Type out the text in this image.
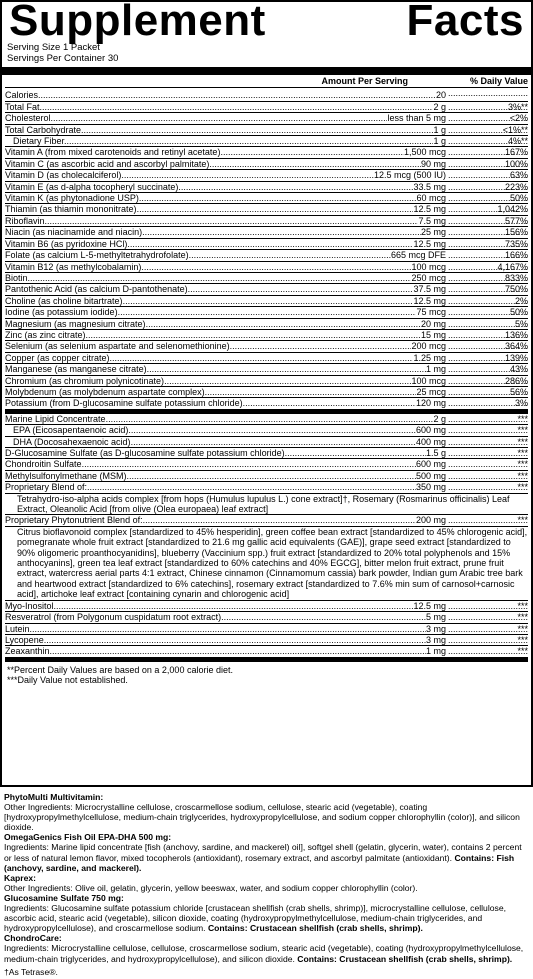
Supplement	Facts
Serving Size 1 Packet
Servings Per Container 30
Amount Per Serving	% Daily Value
Calories .....	20
.....
Total Fat .....	2 g	..... 3%**
Cholesterol .....	less than 5 mg	..... <2%
Total Carbohydrate .....	1 g	..... <1%**
Dietary Fiber .....	1 g	..... 4%**
Vitamin A (from mixed carotenoids and retinyl acetate) .....	1,500 mcg	..... 167%
Vitamin C (as ascorbic acid and ascorbyl palmitate) .....	90 mg	..... 100%
Vitamin D (as cholecalciferol) .....	12.5 mcg (500 IU)	..... 63%
Vitamin E (as d-alpha tocopheryl succinate) .....	33.5 mg	..... 223%
Vitamin K (as phytonadione USP) .....	60 mcg	..... 50%
Thiamin (as thiamin mononitrate) .....	12.5 mg	..... 1,042%
Riboflavin .....	7.5 mg	..... 577%
Niacin (as niacinamide and niacin) .....	25 mg	..... 156%
Vitamin B6 (as pyridoxine HCl) .....	12.5 mg	..... 735%
Folate (as calcium L-5-methyltetrahydrofolate) .....	665 mcg DFE	..... 166%
Vitamin B12 (as methylcobalamin) .....	100 mcg	..... 4,167%
Biotin .....	250 mcg	..... 833%
Pantothenic Acid (as calcium D-pantothenate) .....	37.5 mg	..... 750%
Choline (as choline bitartrate) .....	12.5 mg	..... 2%
Iodine (as potassium iodide) .....	75 mcg	..... 50%
Magnesium (as magnesium citrate) .....	20 mg	..... 5%
Zinc (as zinc citrate) .....	15 mg	..... 136%
Selenium (as selenium aspartate and selenomethionine) .....	200 mcg	..... 364%
Copper (as copper citrate) .....	1.25 mg	..... 139%
Manganese (as manganese citrate) .....	1 mg	..... 43%
Chromium (as chromium polynicotinate) .....	100 mcg	..... 286%
Molybdenum (as molybdenum aspartate complex) .....	25 mcg	..... 56%
Potassium (from D-glucosamine sulfate potassium chloride) .....	120 mg	..... 3%
Marine Lipid Concentrate .....	2 g	..... ***
EPA (Eicosapentaenoic acid) .....	600 mg	..... ***
DHA (Docosahexaenoic acid) .....	400 mg	..... ***
D-Glucosamine Sulfate (as D-glucosamine sulfate potassium chloride) .....	1.5 g	..... ***
Chondroitin Sulfate .....	600 mg	..... ***
Methylsulfonylmethane (MSM) .....	500 mg	..... ***
Proprietary Blend of: .....	350 mg	..... ***
Tetrahydro-iso-alpha acids complex [from hops (Humulus lupulus L.) cone extract]†, Rosemary (Rosmarinus officinalis) Leaf Extract, Oleanolic Acid [from olive (Olea europaea) leaf extract]
Proprietary Phytonutrient Blend of: .....	200 mg	..... ***
Citrus bioflavonoid complex [standardized to 45% hesperidin], green coffee bean extract [standardized to 45% chlorogenic acid], pomegranate whole fruit extract [standardized to 21.6 mg gallic acid equivalents (GAE)], grape seed extract [standardized to 90% oligomeric proanthocyanidins], blueberry (Vaccinium spp.) fruit extract [standardized to 20% total polyphenols and 15% anthocyanins], green tea leaf extract [standardized to 60% catechins and 40% EGCG], bitter melon fruit extract, prune fruit extract, watercress aerial parts 4:1 extract, Chinese cinnamon (Cinnamomum cassia) bark powder, Indian gum Arabic tree bark and heartwood extract [standardized to 6% catechins], rosemary extract [standardized to 7.6% min sum of carnosol+carnosic acid], artichoke leaf extract [containing cynarin and chlorogenic acid]
Myo-Inositol .....	12.5 mg	..... ***
Resveratrol (from Polygonum cuspidatum root extract) .....	5 mg	..... ***
Lutein .....	3 mg	..... ***
Lycopene .....	3 mg	..... ***
Zeaxanthin .....	1 mg	..... ***
**Percent Daily Values are based on a 2,000 calorie diet.
***Daily Value not established.
PhytoMulti Multivitamin:
Other Ingredients: Microcrystalline cellulose, croscarmellose sodium, cellulose, stearic acid (vegetable), coating [hydroxypropylmethylcellulose, medium-chain triglycerides, hydroxypropylcellulose, and sodium copper chlorophyllin (color)], and silicon dioxide.
OmegaGenics Fish Oil EPA-DHA 500 mg:
Ingredients: Marine lipid concentrate [fish (anchovy, sardine, and mackerel) oil], softgel shell (gelatin, glycerin, water), contains 2 percent or less of natural lemon flavor, mixed tocopherols (antioxidant), rosemary extract, and ascorbyl palmitate (antioxidant). Contains: Fish (anchovy, sardine, and mackerel).
Kaprex:
Other Ingredients: Olive oil, gelatin, glycerin, yellow beeswax, water, and sodium copper chlorophyllin (color).
Glucosamine Sulfate 750 mg:
Ingredients: Glucosamine sulfate potassium chloride [crustacean shellfish (crab shells, shrimp)], microcrystalline cellulose, cellulose, ascorbic acid, stearic acid (vegetable), silicon dioxide, coating (hydroxypropylmethylcellulose, medium-chain triglycerides, and hydroxypropylcellulose), and croscarmellose sodium. Contains: Crustacean shellfish (crab shells, shrimp).
ChondroCare:
Ingredients: Microcrystalline cellulose, cellulose, croscarmellose sodium, stearic acid (vegetable), coating (hydroxypropylmethylcellulose, medium-chain triglycerides, and hydroxypropylcellulose), and silicon dioxide. Contains: Crustacean shellfish (crab shells, shrimp).
†As Tetrase®.
